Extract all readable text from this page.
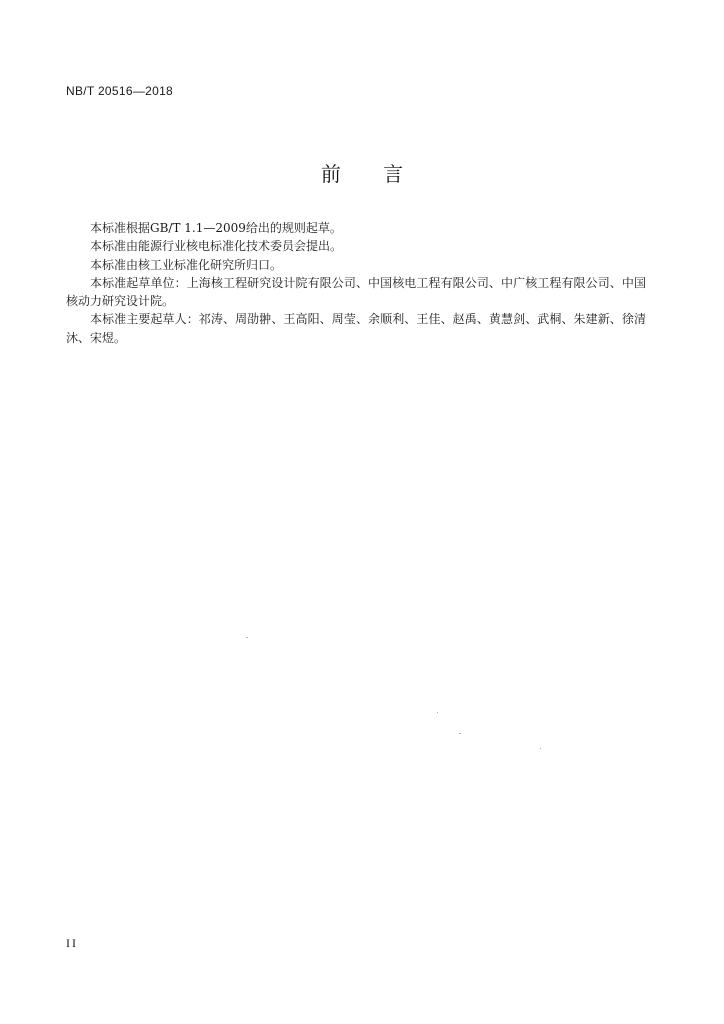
NB/T 20516—2018
前 言

本标准根据GB/T 1.1—2009给出的规则起草。

本标准由能源行业核电标准化技术委员会提出。

本标准由核工业标准化研究所归口。

本标准起草单位：上海核工程研究设计院有限公司、中国核电工程有限公司、中广核工程有限公司、中国核动力研究设计院。

本标准主要起草人：祁涛、周劭翀、王高阳、周莹、余顺利、王佳、赵禹、黄慧剑、武桐、朱建新、徐清沐、宋煜。

II
